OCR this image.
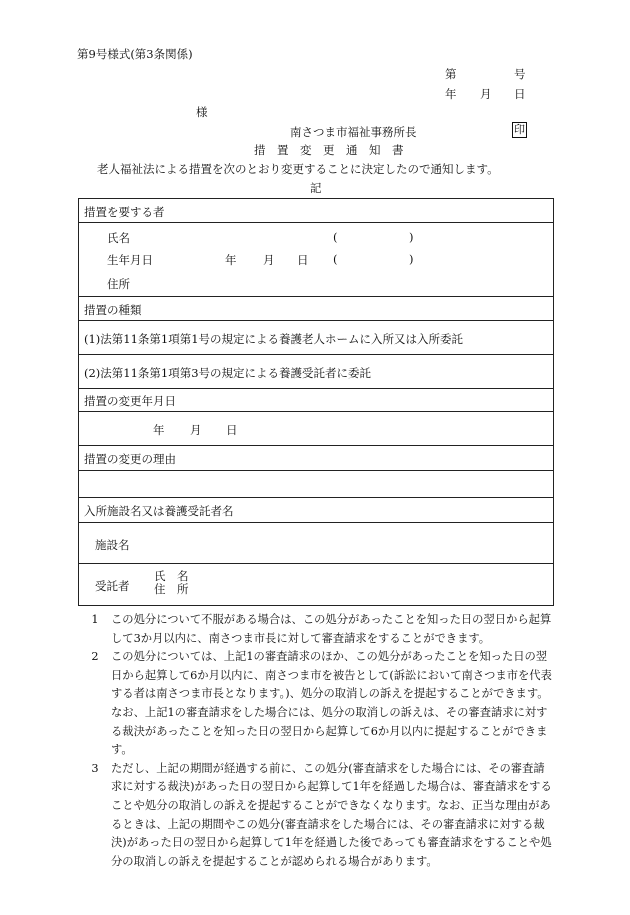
第9号様式(第3条関係)
第	号
年 月 日
様
南さつま市福祉事務所長	印
措置変更通知書
老人福祉法による措置を次のとおり変更することに決定したので通知します。
記
措置を要する者
氏名	(	)
生年月日	年 月 日 (	)
住所
措置の種類
(1)法第11条第1項第1号の規定による養護老人ホームに入所又は入所委託
(2)法第11条第1項第3号の規定による養護受託者に委託
措置の変更年月日
年 月 日
措置の変更の理由
入所施設名又は養護受託者名
施設名
受託者
氏　名
住　所

1	この処分について不服がある場合は、この処分があったことを知った日の翌日から起算して3か月以内に、南さつま市長に対して審査請求をすることができます。

2	この処分については、上記1の審査請求のほか、この処分があったことを知った日の翌日から起算して6か月以内に、南さつま市を被告として(訴訟において南さつま市を代表する者は南さつま市長となります。)、処分の取消しの訴えを提起することができます。なお、上記1の審査請求をした場合には、処分の取消しの訴えは、その審査請求に対する裁決があったことを知った日の翌日から起算して6か月以内に提起することができます。

3	ただし、上記の期間が経過する前に、この処分(審査請求をした場合には、その審査請求に対する裁決)があった日の翌日から起算して1年を経過した場合は、審査請求をすることや処分の取消しの訴えを提起することができなくなります。なお、正当な理由があるときは、上記の期間やこの処分(審査請求をした場合には、その審査請求に対する裁決)があった日の翌日から起算して1年を経過した後であっても審査請求をすることや処分の取消しの訴えを提起することが認められる場合があります。
